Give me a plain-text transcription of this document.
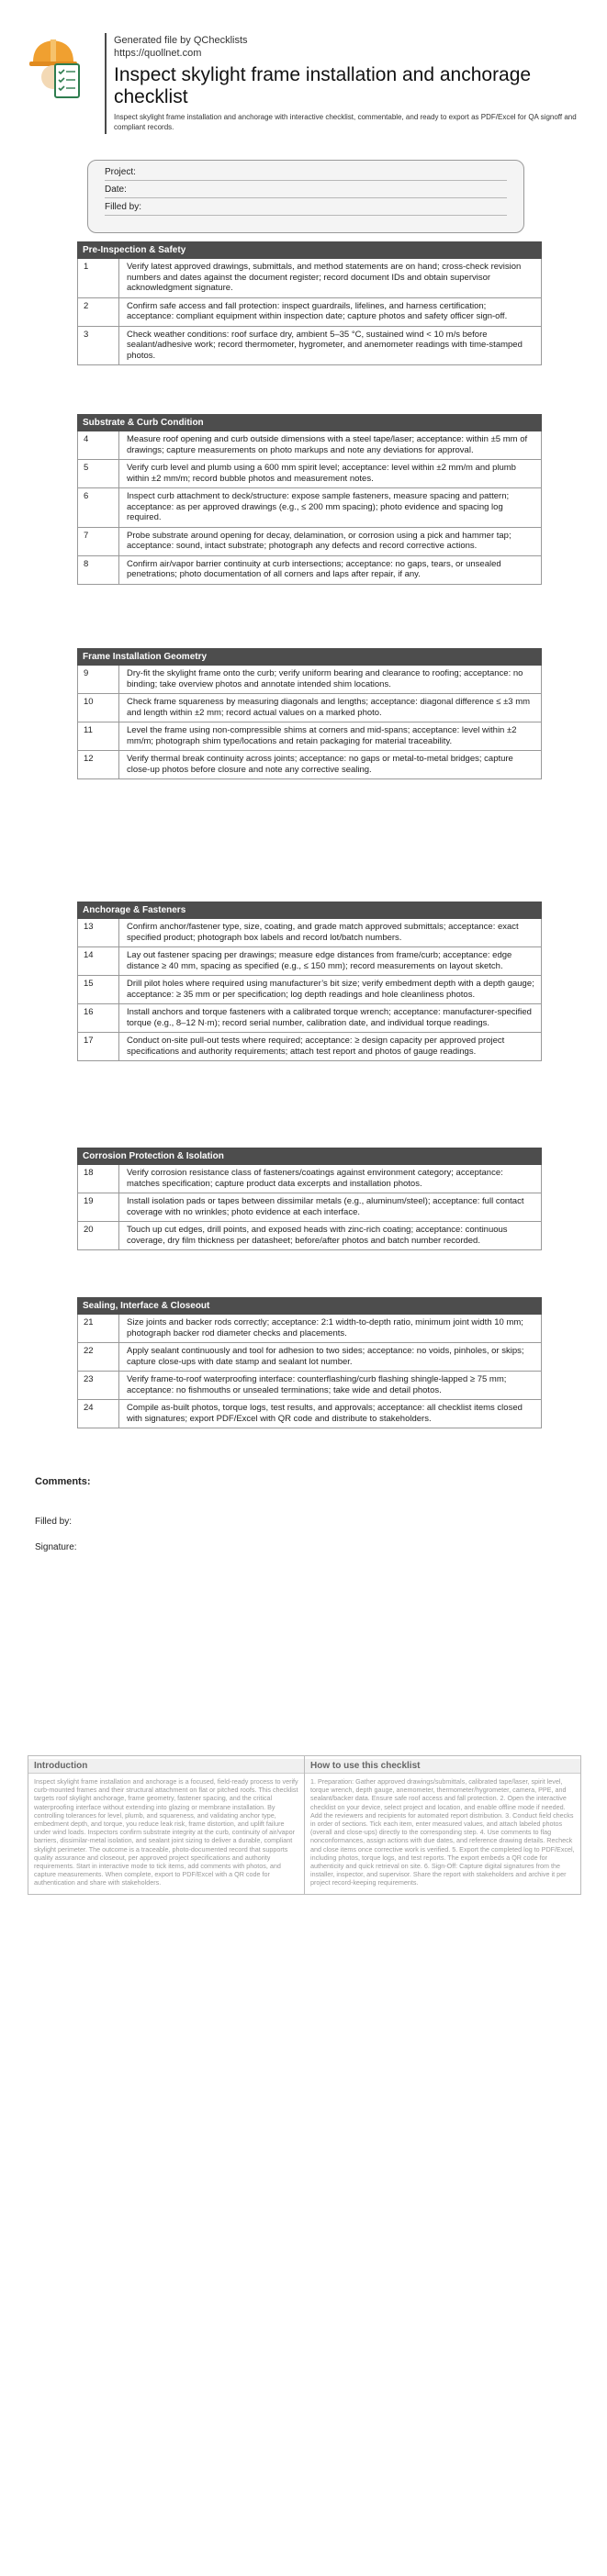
Generated file by QChecklists
https://quollnet.com
Inspect skylight frame installation and anchorage checklist
Inspect skylight frame installation and anchorage with interactive checklist, commentable, and ready to export as PDF/Excel for QA signoff and compliant records.
Project:
Date:
Filled by:
Pre-Inspection & Safety
1	Verify latest approved drawings, submittals, and method statements are on hand; cross-check revision numbers and dates against the document register; record document IDs and obtain supervisor acknowledgment signature.
2	Confirm safe access and fall protection: inspect guardrails, lifelines, and harness certification; acceptance: compliant equipment within inspection date; capture photos and safety officer sign-off.
3	Check weather conditions: roof surface dry, ambient 5–35 °C, sustained wind < 10 m/s before sealant/adhesive work; record thermometer, hygrometer, and anemometer readings with time-stamped photos.
Substrate & Curb Condition
4	Measure roof opening and curb outside dimensions with a steel tape/laser; acceptance: within ±5 mm of drawings; capture measurements on photo markups and note any deviations for approval.
5	Verify curb level and plumb using a 600 mm spirit level; acceptance: level within ±2 mm/m and plumb within ±2 mm/m; record bubble photos and measurement notes.
6	Inspect curb attachment to deck/structure: expose sample fasteners, measure spacing and pattern; acceptance: as per approved drawings (e.g., ≤ 200 mm spacing); photo evidence and spacing log required.
7	Probe substrate around opening for decay, delamination, or corrosion using a pick and hammer tap; acceptance: sound, intact substrate; photograph any defects and record corrective actions.
8	Confirm air/vapor barrier continuity at curb intersections; acceptance: no gaps, tears, or unsealed penetrations; photo documentation of all corners and laps after repair, if any.
Frame Installation Geometry
9	Dry-fit the skylight frame onto the curb; verify uniform bearing and clearance to roofing; acceptance: no binding; take overview photos and annotate intended shim locations.
10	Check frame squareness by measuring diagonals and lengths; acceptance: diagonal difference ≤ ±3 mm and length within ±2 mm; record actual values on a marked photo.
11	Level the frame using non-compressible shims at corners and mid-spans; acceptance: level within ±2 mm/m; photograph shim type/locations and retain packaging for material traceability.
12	Verify thermal break continuity across joints; acceptance: no gaps or metal-to-metal bridges; capture close-up photos before closure and note any corrective sealing.
Anchorage & Fasteners
13	Confirm anchor/fastener type, size, coating, and grade match approved submittals; acceptance: exact specified product; photograph box labels and record lot/batch numbers.
14	Lay out fastener spacing per drawings; measure edge distances from frame/curb; acceptance: edge distance ≥ 40 mm, spacing as specified (e.g., ≤ 150 mm); record measurements on layout sketch.
15	Drill pilot holes where required using manufacturer’s bit size; verify embedment depth with a depth gauge; acceptance: ≥ 35 mm or per specification; log depth readings and hole cleanliness photos.
16	Install anchors and torque fasteners with a calibrated torque wrench; acceptance: manufacturer-specified torque (e.g., 8–12 N·m); record serial number, calibration date, and individual torque readings.
17	Conduct on-site pull-out tests where required; acceptance: ≥ design capacity per approved project specifications and authority requirements; attach test report and photos of gauge readings.
Corrosion Protection & Isolation
18	Verify corrosion resistance class of fasteners/coatings against environment category; acceptance: matches specification; capture product data excerpts and installation photos.
19	Install isolation pads or tapes between dissimilar metals (e.g., aluminum/steel); acceptance: full contact coverage with no wrinkles; photo evidence at each interface.
20	Touch up cut edges, drill points, and exposed heads with zinc-rich coating; acceptance: continuous coverage, dry film thickness per datasheet; before/after photos and batch number recorded.
Sealing, Interface & Closeout
21	Size joints and backer rods correctly; acceptance: 2:1 width-to-depth ratio, minimum joint width 10 mm; photograph backer rod diameter checks and placements.
22	Apply sealant continuously and tool for adhesion to two sides; acceptance: no voids, pinholes, or skips; capture close-ups with date stamp and sealant lot number.
23	Verify frame-to-roof waterproofing interface: counterflashing/curb flashing shingle-lapped ≥ 75 mm; acceptance: no fishmouths or unsealed terminations; take wide and detail photos.
24	Compile as-built photos, torque logs, test results, and approvals; acceptance: all checklist items closed with signatures; export PDF/Excel with QR code and distribute to stakeholders.
Comments:
Filled by:
Signature:
Introduction
Inspect skylight frame installation and anchorage is a focused, field-ready process to verify curb-mounted frames and their structural attachment on flat or pitched roofs. This checklist targets roof skylight anchorage, frame geometry, fastener spacing, and the critical waterproofing interface without extending into glazing or membrane installation. By controlling tolerances for level, plumb, and squareness, and validating anchor type, embedment depth, and torque, you reduce leak risk, frame distortion, and uplift failure under wind loads. Inspectors confirm substrate integrity at the curb, continuity of air/vapor barriers, dissimilar-metal isolation, and sealant joint sizing to deliver a durable, compliant skylight perimeter. The outcome is a traceable, photo-documented record that supports quality assurance and closeout, per approved project specifications and authority requirements. Start in interactive mode to tick items, add comments with photos, and capture measurements. When complete, export to PDF/Excel with a QR code for authentication and share with stakeholders.
How to use this checklist
1. Preparation: Gather approved drawings/submittals, calibrated tape/laser, spirit level, torque wrench, depth gauge, anemometer, thermometer/hygrometer, camera, PPE, and sealant/backer data. Ensure safe roof access and fall protection. 2. Open the interactive checklist on your device, select project and location, and enable offline mode if needed. Add the reviewers and recipients for automated report distribution. 3. Conduct field checks in order of sections. Tick each item, enter measured values, and attach labeled photos (overall and close-ups) directly to the corresponding step. 4. Use comments to flag nonconformances, assign actions with due dates, and reference drawing details. Recheck and close items once corrective work is verified. 5. Export the completed log to PDF/Excel, including photos, torque logs, and test reports. The export embeds a QR code for authenticity and quick retrieval on site. 6. Sign-Off: Capture digital signatures from the installer, inspector, and supervisor. Share the report with stakeholders and archive it per project record-keeping requirements.
